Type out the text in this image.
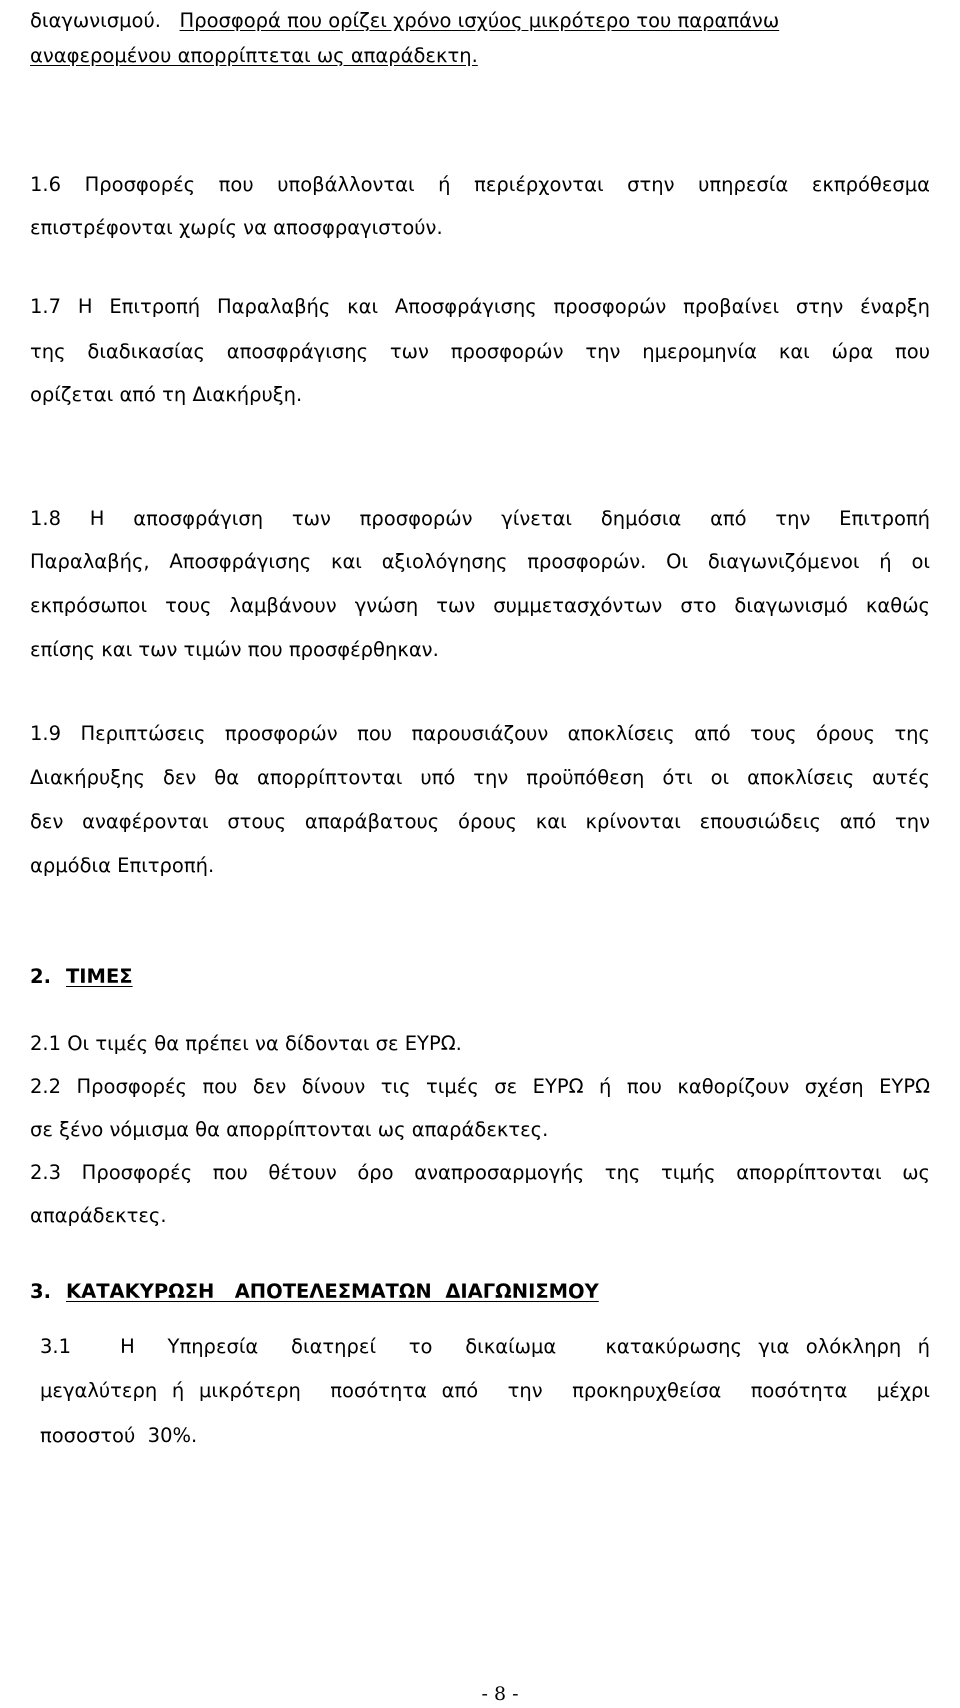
διαγωνισμού. Προσφορά που ορίζει χρόνο ισχύος μικρότερο του παραπάνω
αναφερομένου απορρίπτεται ως απαράδεκτη.
1.6 Προσφορές που υποβάλλονται ή περιέρχονται στην υπηρεσία εκπρόθεσμα
επιστρέφονται χωρίς να αποσφραγιστούν.
1.7 Η Επιτροπή Παραλαβής και Αποσφράγισης προσφορών προβαίνει στην έναρξη
της διαδικασίας αποσφράγισης των προσφορών την ημερομηνία και ώρα που
ορίζεται από τη Διακήρυξη.
1.8 Η αποσφράγιση των προσφορών γίνεται δημόσια από την Επιτροπή
Παραλαβής, Αποσφράγισης και αξιολόγησης προσφορών. Οι διαγωνιζόμενοι ή οι
εκπρόσωποι τους λαμβάνουν γνώση των συμμετασχόντων στο διαγωνισμό καθώς
επίσης και των τιμών που προσφέρθηκαν.
1.9 Περιπτώσεις προσφορών που παρουσιάζουν αποκλίσεις από τους όρους της
Διακήρυξης δεν θα απορρίπτονται υπό την προϋπόθεση ότι οι αποκλίσεις αυτές
δεν αναφέρονται στους απαράβατους όρους και κρίνονται επουσιώδεις από την
αρμόδια Επιτροπή.
2. ΤΙΜΕΣ
2.1 Οι τιμές θα πρέπει να δίδονται σε ΕΥΡΩ.
2.2 Προσφορές που δεν δίνουν τις τιμές σε ΕΥΡΩ ή που καθορίζουν σχέση ΕΥΡΩ
σε ξένο νόμισμα θα απορρίπτονται ως απαράδεκτες.
2.3 Προσφορές που θέτουν όρο αναπροσαρμογής της τιμής απορρίπτονται ως
απαράδεκτες.
3. ΚΑΤΑΚΥΡΩΣΗ   ΑΠΟΤΕΛΕΣΜΑΤΩΝ  ΔΙΑΓΩΝΙΣΜΟΥ
3.1   Η  Υπηρεσία  διατηρεί  το  δικαίωμα   κατακύρωσης για ολόκληρη ή
μεγαλύτερη ή μικρότερη  ποσότητα από  την  προκηρυχθείσα  ποσότητα  μέχρι
ποσοστού  30%.
- 8 -
